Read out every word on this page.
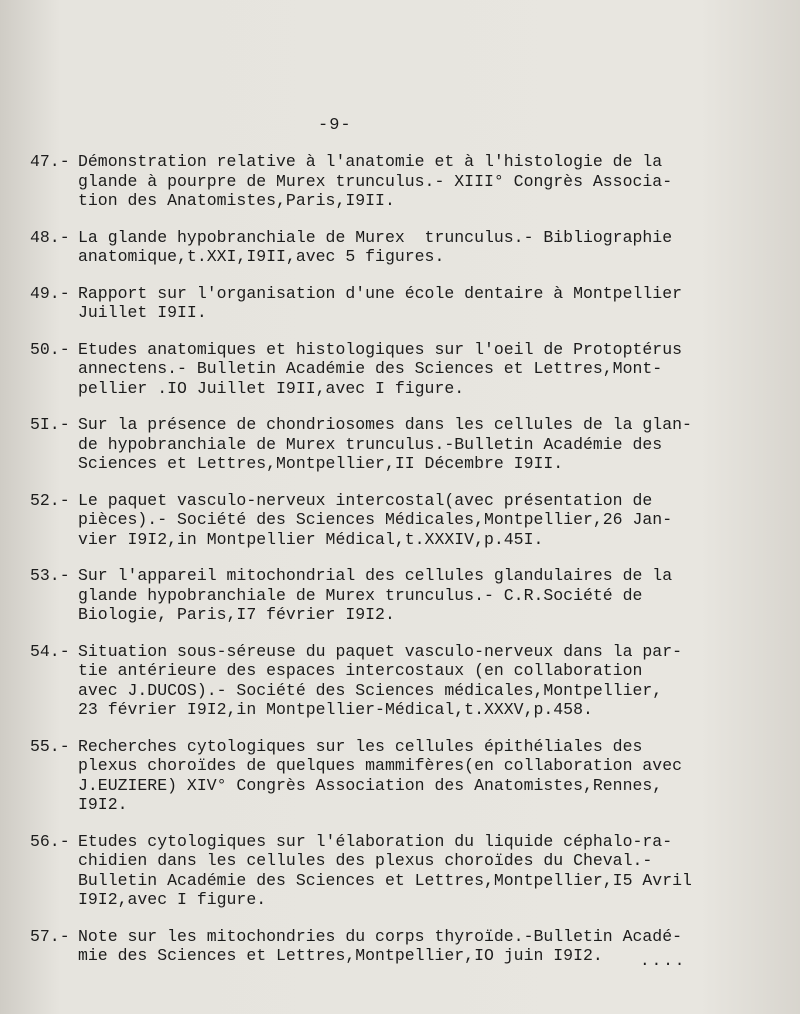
-9-
47.- Démonstration relative à l'anatomie et à l'histologie de la
glande à pourpre de Murex trunculus.- XIII° Congrès Associa-
tion des Anatomistes,Paris,I9II.
48.- La glande hypobranchiale de Murex  trunculus.- Bibliographie
anatomique,t.XXI,I9II,avec 5 figures.
49.- Rapport sur l'organisation d'une école dentaire à Montpellier
Juillet I9II.
50.- Etudes anatomiques et histologiques sur l'oeil de Protoptérus
annectens.- Bulletin Académie des Sciences et Lettres,Mont-
pellier .IO Juillet I9II,avec I figure.
5I.- Sur la présence de chondriosomes dans les cellules de la glan-
de hypobranchiale de Murex trunculus.-Bulletin Académie des
Sciences et Lettres,Montpellier,II Décembre I9II.
52.- Le paquet vasculo-nerveux intercostal(avec présentation de
pièces).- Société des Sciences Médicales,Montpellier,26 Jan-
vier I9I2,in Montpellier Médical,t.XXXIV,p.45I.
53.- Sur l'appareil mitochondrial des cellules glandulaires de la
glande hypobranchiale de Murex trunculus.- C.R.Société de
Biologie, Paris,I7 février I9I2.
54.- Situation sous-séreuse du paquet vasculo-nerveux dans la par-
tie antérieure des espaces intercostaux (en collaboration
avec J.DUCOS).- Société des Sciences médicales,Montpellier,
23 février I9I2,in Montpellier-Médical,t.XXXV,p.458.
55.- Recherches cytologiques sur les cellules épithéliales des
plexus choroïdes de quelques mammifères(en collaboration avec
J.EUZIERE) XIV° Congrès Association des Anatomistes,Rennes,
I9I2.
56.- Etudes cytologiques sur l'élaboration du liquide céphalo-ra-
chidien dans les cellules des plexus choroïdes du Cheval.-
Bulletin Académie des Sciences et Lettres,Montpellier,I5 Avril
I9I2,avec I figure.
57.- Note sur les mitochondries du corps thyroïde.-Bulletin Acadé-
mie des Sciences et Lettres,Montpellier,IO juin I9I2.	....
